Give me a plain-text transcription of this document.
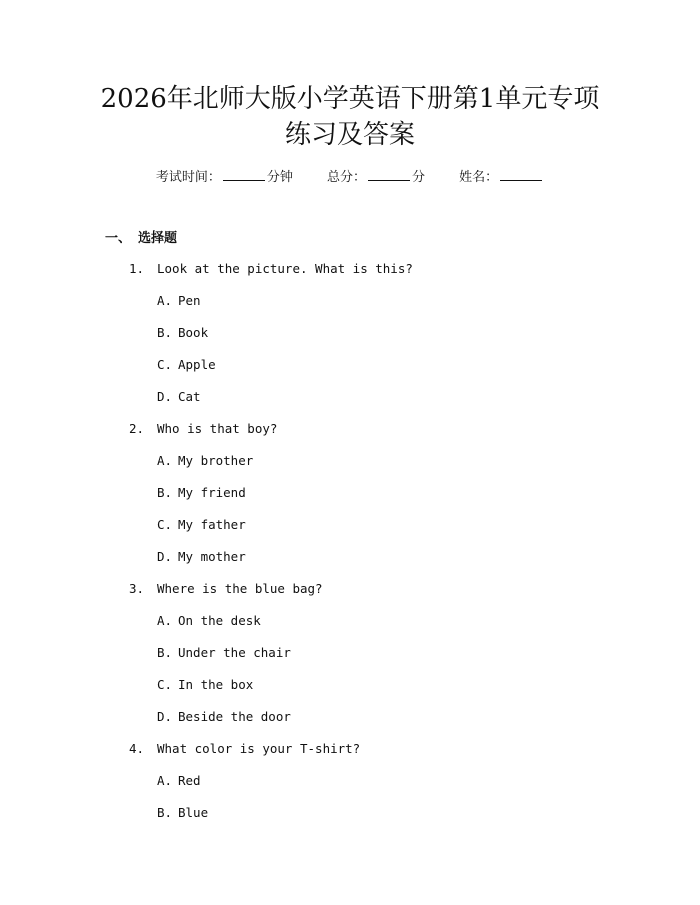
2026年北师大版小学英语下册第1单元专项
练习及答案
考试时间：	分钟	总分：	分	姓名：
一、 选择题
1. Look at the picture. What is this?
A. Pen
B. Book
C. Apple
D. Cat
2. Who is that boy?
A. My brother
B. My friend
C. My father
D. My mother
3. Where is the blue bag?
A. On the desk
B. Under the chair
C. In the box
D. Beside the door
4. What color is your T-shirt?
A. Red
B. Blue
